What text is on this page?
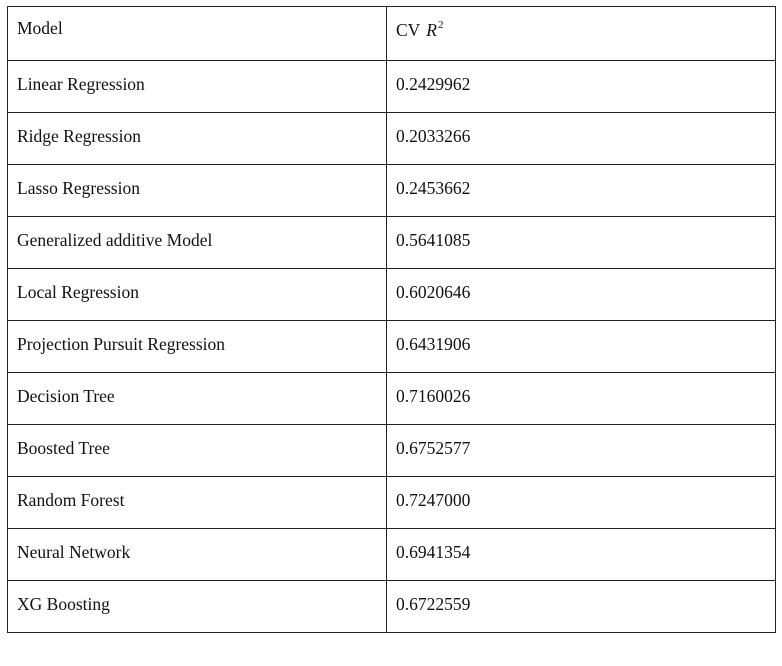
Model	CV $R^2$

Linear Regression	0.2429962

Ridge Regression	0.2033266

Lasso Regression	0.2453662

Generalized additive Model	0.5641085

Local Regression	0.6020646

Projection Pursuit Regression	0.6431906

Decision Tree	0.7160026

Boosted Tree	0.6752577

Random Forest	0.7247000

Neural Network	0.6941354

XG Boosting	0.6722559
